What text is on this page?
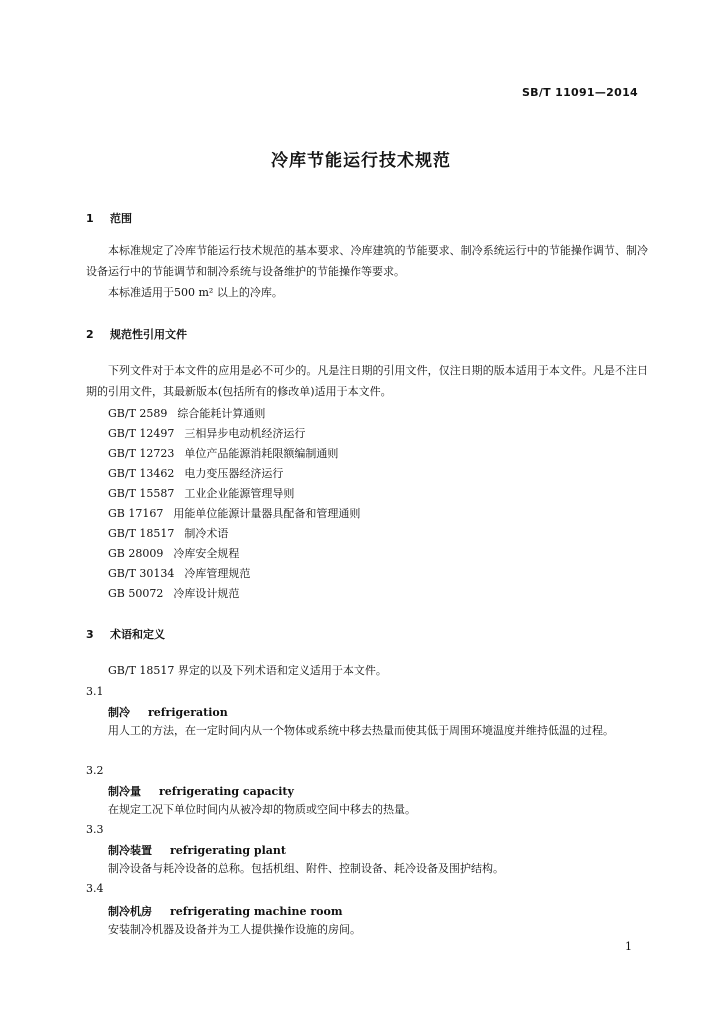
SB/T 11091—2014
冷库节能运行技术规范
1 范围
本标准规定了冷库节能运行技术规范的基本要求、冷库建筑的节能要求、制冷系统运行中的节能操作调节、制冷设备运行中的节能调节和制冷系统与设备维护的节能操作等要求。
本标准适用于500 m² 以上的冷库。
2 规范性引用文件
下列文件对于本文件的应用是必不可少的。凡是注日期的引用文件，仅注日期的版本适用于本文件。凡是不注日期的引用文件，其最新版本(包括所有的修改单)适用于本文件。
GB/T 2589 综合能耗计算通则
GB/T 12497 三相异步电动机经济运行
GB/T 12723 单位产品能源消耗限额编制通则
GB/T 13462 电力变压器经济运行
GB/T 15587 工业企业能源管理导则
GB 17167 用能单位能源计量器具配备和管理通则
GB/T 18517 制冷术语
GB 28009 冷库安全规程
GB/T 30134 冷库管理规范
GB 50072 冷库设计规范
3 术语和定义
GB/T 18517 界定的以及下列术语和定义适用于本文件。
3.1
制冷 refrigeration
用人工的方法，在一定时间内从一个物体或系统中移去热量而使其低于周围环境温度并维持低温的过程。
3.2
制冷量 refrigerating capacity
在规定工况下单位时间内从被冷却的物质或空间中移去的热量。
3.3
制冷装置 refrigerating plant
制冷设备与耗冷设备的总称。包括机组、附件、控制设备、耗冷设备及围护结构。
3.4
制冷机房 refrigerating machine room
安装制冷机器及设备并为工人提供操作设施的房间。
1
